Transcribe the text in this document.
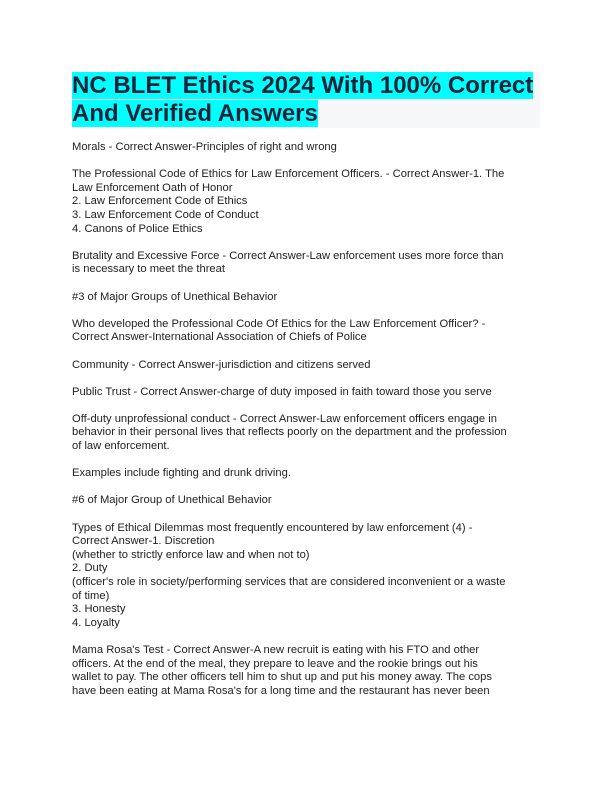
NC BLET Ethics 2024 With 100% Correct
And Verified Answers
Morals - Correct Answer-Principles of right and wrong
The Professional Code of Ethics for Law Enforcement Officers. - Correct Answer-1. The
Law Enforcement Oath of Honor
2. Law Enforcement Code of Ethics
3. Law Enforcement Code of Conduct
4. Canons of Police Ethics
Brutality and Excessive Force - Correct Answer-Law enforcement uses more force than
is necessary to meet the threat
#3 of Major Groups of Unethical Behavior
Who developed the Professional Code Of Ethics for the Law Enforcement Officer? -
Correct Answer-International Association of Chiefs of Police
Community - Correct Answer-jurisdiction and citizens served
Public Trust - Correct Answer-charge of duty imposed in faith toward those you serve
Off-duty unprofessional conduct - Correct Answer-Law enforcement officers engage in
behavior in their personal lives that reflects poorly on the department and the profession
of law enforcement.
Examples include fighting and drunk driving.
#6 of Major Group of Unethical Behavior
Types of Ethical Dilemmas most frequently encountered by law enforcement (4) -
Correct Answer-1. Discretion
(whether to strictly enforce law and when not to)
2. Duty
(officer's role in society/performing services that are considered inconvenient or a waste
of time)
3. Honesty
4. Loyalty
Mama Rosa's Test - Correct Answer-A new recruit is eating with his FTO and other
officers. At the end of the meal, they prepare to leave and the rookie brings out his
wallet to pay. The other officers tell him to shut up and put his money away. The cops
have been eating at Mama Rosa's for a long time and the restaurant has never been
